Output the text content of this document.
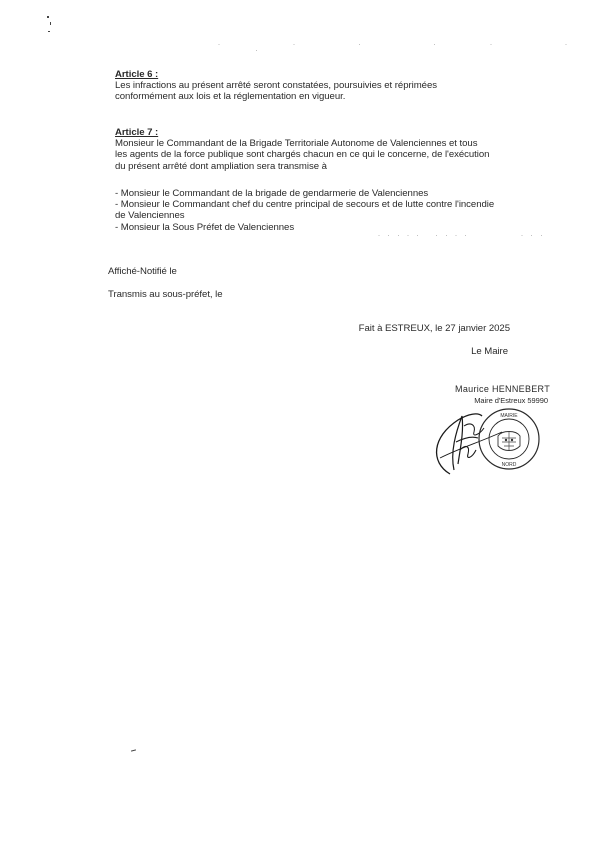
·               ·             ·               ·           ·               ·         ·
Article 6 :
Les infractions au présent arrêté seront constatées, poursuivies et réprimées
conformément aux lois et la réglementation en vigueur.
Article 7 :
Monsieur le Commandant de la Brigade Territoriale Autonome de Valenciennes et tous
les agents de la force publique sont chargés chacun en ce qui le concerne, de l'exécution
du présent arrêté dont ampliation sera transmise à
- Monsieur le Commandant de la brigade de gendarmerie de Valenciennes
- Monsieur le Commandant chef du centre principal de secours et de lutte contre l'incendie
de Valenciennes
- Monsieur la Sous Préfet de Valenciennes
· · · · ·   · · · ·           · · ·
Affiché-Notifié le
Transmis au sous-préfet, le
Fait à ESTREUX, le 27 janvier 2025
Le Maire
Maurice HENNEBERT
Maire d'Estreux 59990
MAIRIE
NORD
